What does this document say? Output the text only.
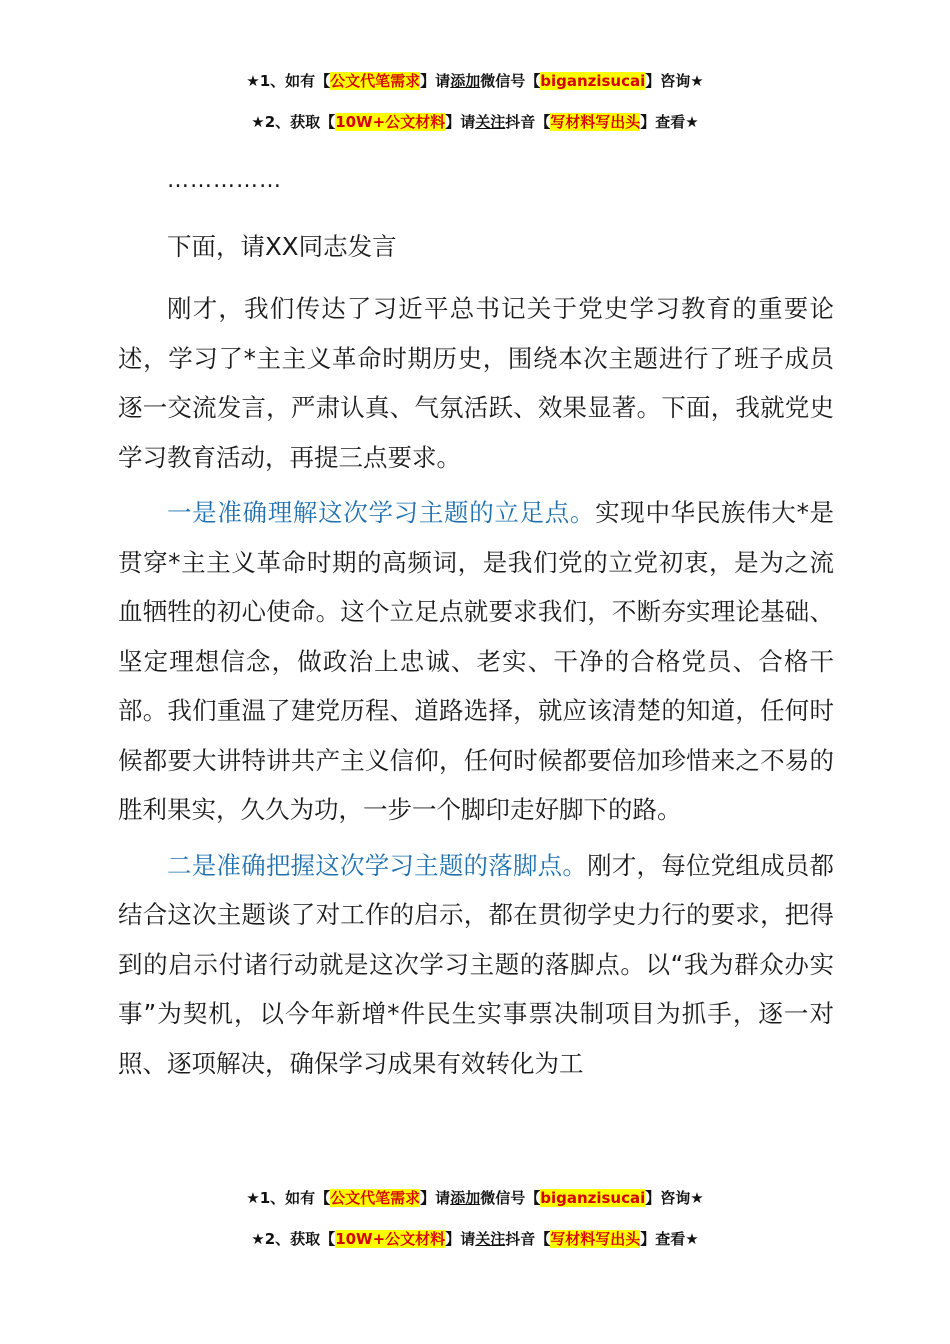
★1、如有【公文代笔需求】请添加微信号【biganzisucai】咨询★
★2、获取【10W+公文材料】请关注抖音【写材料写出头】查看★
……………
下面，请XX同志发言

刚才，我们传达了习近平总书记关于党史学习教育的重要论述，学习了*主主义革命时期历史，围绕本次主题进行了班子成员逐一交流发言，严肃认真、气氛活跃、效果显著。下面，我就党史学习教育活动，再提三点要求。

一是准确理解这次学习主题的立足点。实现中华民族伟大*是贯穿*主主义革命时期的高频词，是我们党的立党初衷，是为之流血牺牲的初心使命。这个立足点就要求我们，不断夯实理论基础、坚定理想信念，做政治上忠诚、老实、干净的合格党员、合格干部。我们重温了建党历程、道路选择，就应该清楚的知道，任何时候都要大讲特讲共产主义信仰，任何时候都要倍加珍惜来之不易的胜利果实，久久为功，一步一个脚印走好脚下的路。

二是准确把握这次学习主题的落脚点。刚才，每位党组成员都结合这次主题谈了对工作的启示，都在贯彻学史力行的要求，把得到的启示付诸行动就是这次学习主题的落脚点。以“我为群众办实事”为契机，以今年新增*件民生实事票决制项目为抓手，逐一对照、逐项解决，确保学习成果有效转化为工

★1、如有【公文代笔需求】请添加微信号【biganzisucai】咨询★
★2、获取【10W+公文材料】请关注抖音【写材料写出头】查看★
